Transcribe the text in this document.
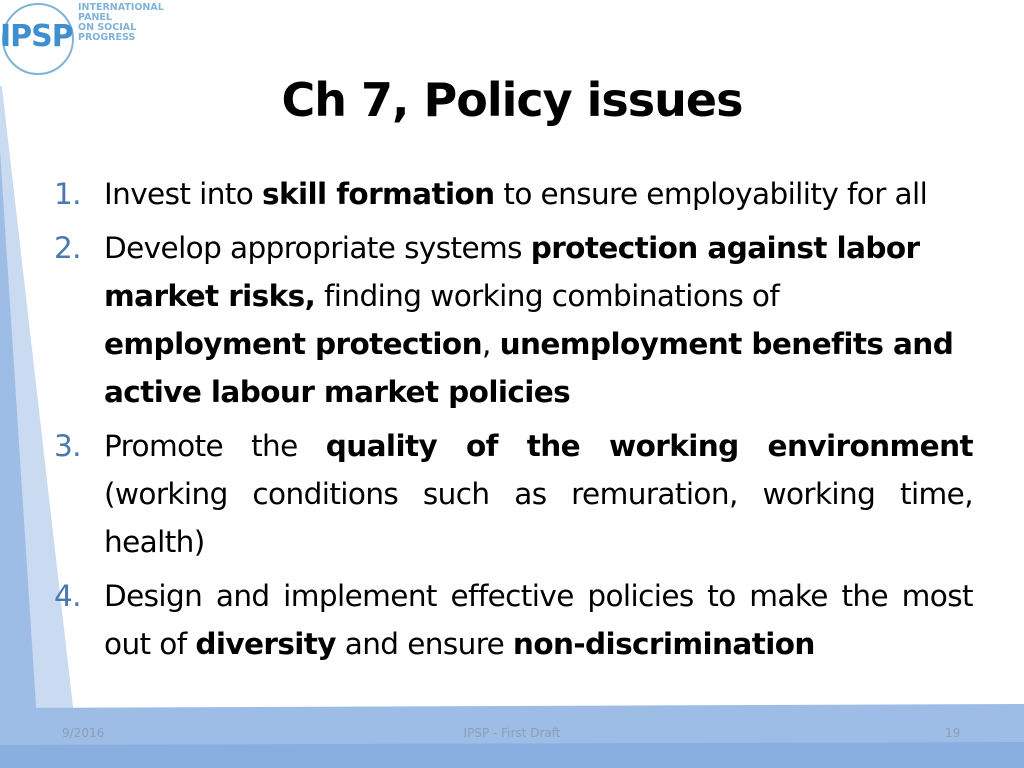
IPSP
INTERNATIONAL PANEL
ON SOCIAL PROGRESS
Ch 7, Policy issues
1. Invest into skill formation to ensure employability for all
2. Develop appropriate systems protection against labor market risks, finding working combinations of employment protection, unemployment benefits and active labour market policies
3. Promote the quality of the working environment (working conditions such as remuration, working time, health)
4. Design and implement effective policies to make the most out of diversity and ensure non-discrimination
9/2016	IPSP - First Draft	19
